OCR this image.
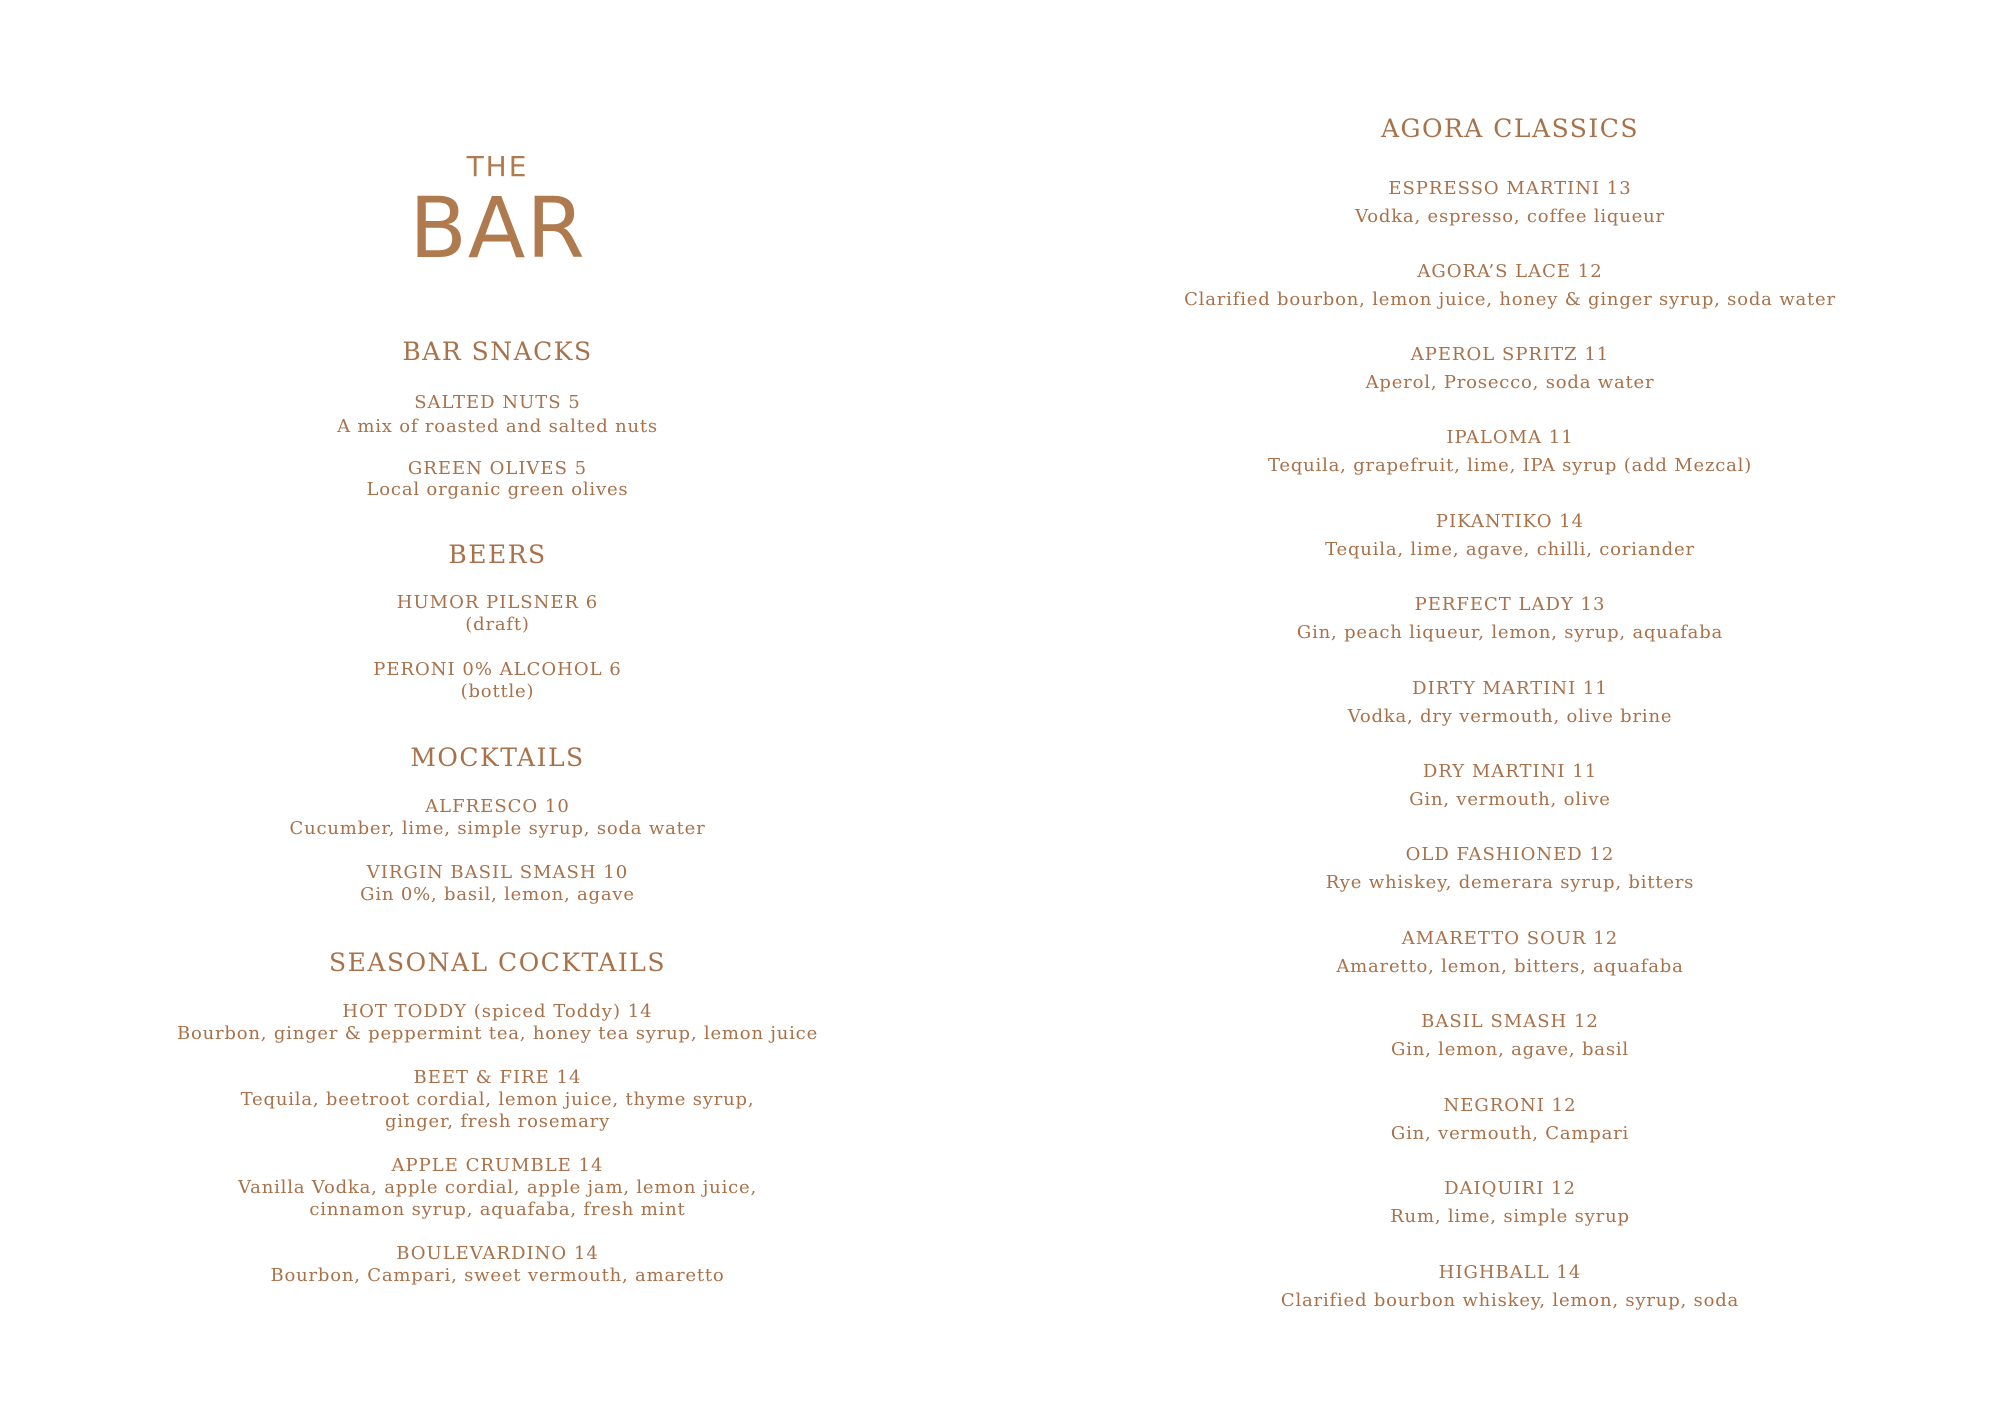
THE
BAR
BAR SNACKS
SALTED NUTS 5
A mix of roasted and salted nuts
GREEN OLIVES 5
Local organic green olives
BEERS
HUMOR PILSNER 6
(draft)
PERONI 0% ALCOHOL 6
(bottle)
MOCKTAILS
ALFRESCO 10
Cucumber, lime, simple syrup, soda water
VIRGIN BASIL SMASH 10
Gin 0%, basil, lemon, agave
SEASONAL COCKTAILS
HOT TODDY (spiced Toddy) 14
Bourbon, ginger & peppermint tea, honey tea syrup, lemon juice
BEET & FIRE 14
Tequila, beetroot cordial, lemon juice, thyme syrup,
ginger, fresh rosemary
APPLE CRUMBLE 14
Vanilla Vodka, apple cordial, apple jam, lemon juice,
cinnamon syrup, aquafaba, fresh mint
BOULEVARDINO 14
Bourbon, Campari, sweet vermouth, amaretto
AGORA CLASSICS
ESPRESSO MARTINI 13
Vodka, espresso, coffee liqueur
AGORA’S LACE 12
Clarified bourbon, lemon juice, honey & ginger syrup, soda water
APEROL SPRITZ 11
Aperol, Prosecco, soda water
IPALOMA 11
Tequila, grapefruit, lime, IPA syrup (add Mezcal)
PIKANTIKO 14
Tequila, lime, agave, chilli, coriander
PERFECT LADY 13
Gin, peach liqueur, lemon, syrup, aquafaba
DIRTY MARTINI 11
Vodka, dry vermouth, olive brine
DRY MARTINI 11
Gin, vermouth, olive
OLD FASHIONED 12
Rye whiskey, demerara syrup, bitters
AMARETTO SOUR 12
Amaretto, lemon, bitters, aquafaba
BASIL SMASH 12
Gin, lemon, agave, basil
NEGRONI 12
Gin, vermouth, Campari
DAIQUIRI 12
Rum, lime, simple syrup
HIGHBALL 14
Clarified bourbon whiskey, lemon, syrup, soda
